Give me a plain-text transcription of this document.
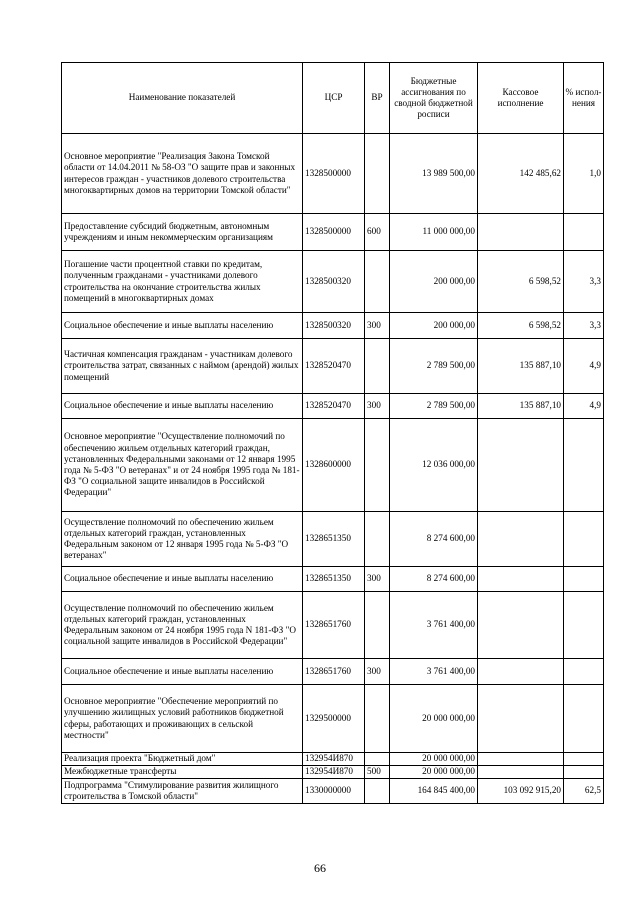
Наименование показателей	ЦСР	ВР	Бюджетные ассигнования по сводной бюджетной росписи	Кассовое исполнение	% испол-нения
Основное мероприятие "Реализация Закона Томской области от 14.04.2011 № 58-ОЗ "О защите прав и законных интересов граждан - участников долевого строительства многоквартирных домов на территории Томской области"	1328500000		13 989 500,00	142 485,62	1,0
Предоставление субсидий бюджетным, автономным учреждениям и иным некоммерческим организациям	1328500000	600	11 000 000,00		
Погашение части процентной ставки по кредитам, полученным гражданами - участниками долевого строительства на окончание строительства жилых помещений в многоквартирных домах	1328500320		200 000,00	6 598,52	3,3
Социальное обеспечение и иные выплаты населению	1328500320	300	200 000,00	6 598,52	3,3
Частичная компенсация гражданам - участникам долевого строительства затрат, связанных с наймом (арендой) жилых помещений	1328520470		2 789 500,00	135 887,10	4,9
Социальное обеспечение и иные выплаты населению	1328520470	300	2 789 500,00	135 887,10	4,9
Основное мероприятие "Осуществление полномочий по обеспечению жильем отдельных категорий граждан, установленных Федеральными законами от 12 января 1995 года № 5-ФЗ "О ветеранах" и от 24 ноября 1995 года № 181-ФЗ "О социальной защите инвалидов в Российской Федерации"	1328600000		12 036 000,00		
Осуществление полномочий по обеспечению жильем отдельных категорий граждан, установленных Федеральным законом от 12 января 1995 года № 5-ФЗ "О ветеранах"	1328651350		8 274 600,00		
Социальное обеспечение и иные выплаты населению	1328651350	300	8 274 600,00		
Осуществление полномочий по обеспечению жильем отдельных категорий граждан, установленных Федеральным законом от 24 ноября 1995 года N 181-ФЗ "О социальной защите инвалидов в Российской Федерации"	1328651760		3 761 400,00		
Социальное обеспечение и иные выплаты населению	1328651760	300	3 761 400,00		
Основное мероприятие "Обеспечение мероприятий по улучшению жилищных условий работников бюджетной сферы, работающих и проживающих в сельской местности"	1329500000		20 000 000,00		
Реализация проекта "Бюджетный дом"	132954И870		20 000 000,00		
Межбюджетные трансферты	132954И870	500	20 000 000,00		
Подпрограмма "Стимулирование развития жилищного строительства в Томской области"	1330000000		164 845 400,00	103 092 915,20	62,5
66
